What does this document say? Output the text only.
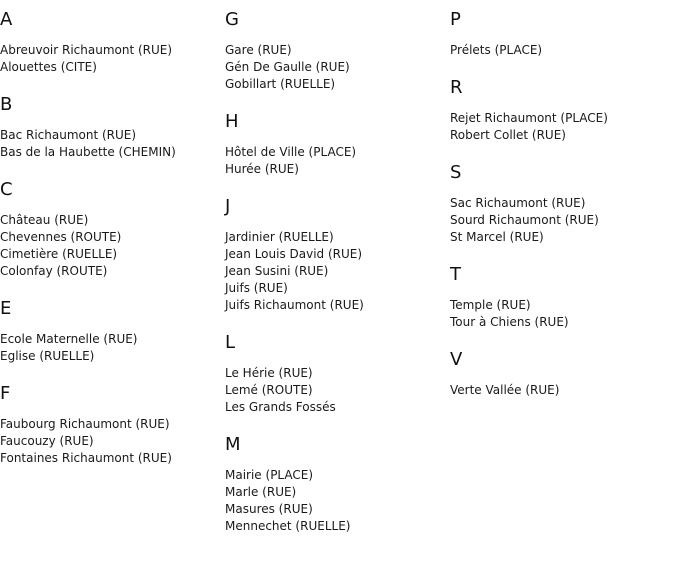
A
Abreuvoir Richaumont (RUE)
Alouettes (CITE)
B
Bac Richaumont (RUE)
Bas de la Haubette (CHEMIN)
C
Château (RUE)
Chevennes (ROUTE)
Cimetière (RUELLE)
Colonfay (ROUTE)
E
Ecole Maternelle (RUE)
Eglise (RUELLE)
F
Faubourg Richaumont (RUE)
Faucouzy (RUE)
Fontaines Richaumont (RUE)
G
Gare (RUE)
Gén De Gaulle (RUE)
Gobillart (RUELLE)
H
Hôtel de Ville (PLACE)
Hurée (RUE)
J
Jardinier (RUELLE)
Jean Louis David (RUE)
Jean Susini (RUE)
Juifs (RUE)
Juifs Richaumont (RUE)
L
Le Hérie (RUE)
Lemé (ROUTE)
Les Grands Fossés
M
Mairie (PLACE)
Marle (RUE)
Masures (RUE)
Mennechet (RUELLE)
P
Prélets (PLACE)
R
Rejet Richaumont (PLACE)
Robert Collet (RUE)
S
Sac Richaumont (RUE)
Sourd Richaumont (RUE)
St Marcel (RUE)
T
Temple (RUE)
Tour à Chiens (RUE)
V
Verte Vallée (RUE)
